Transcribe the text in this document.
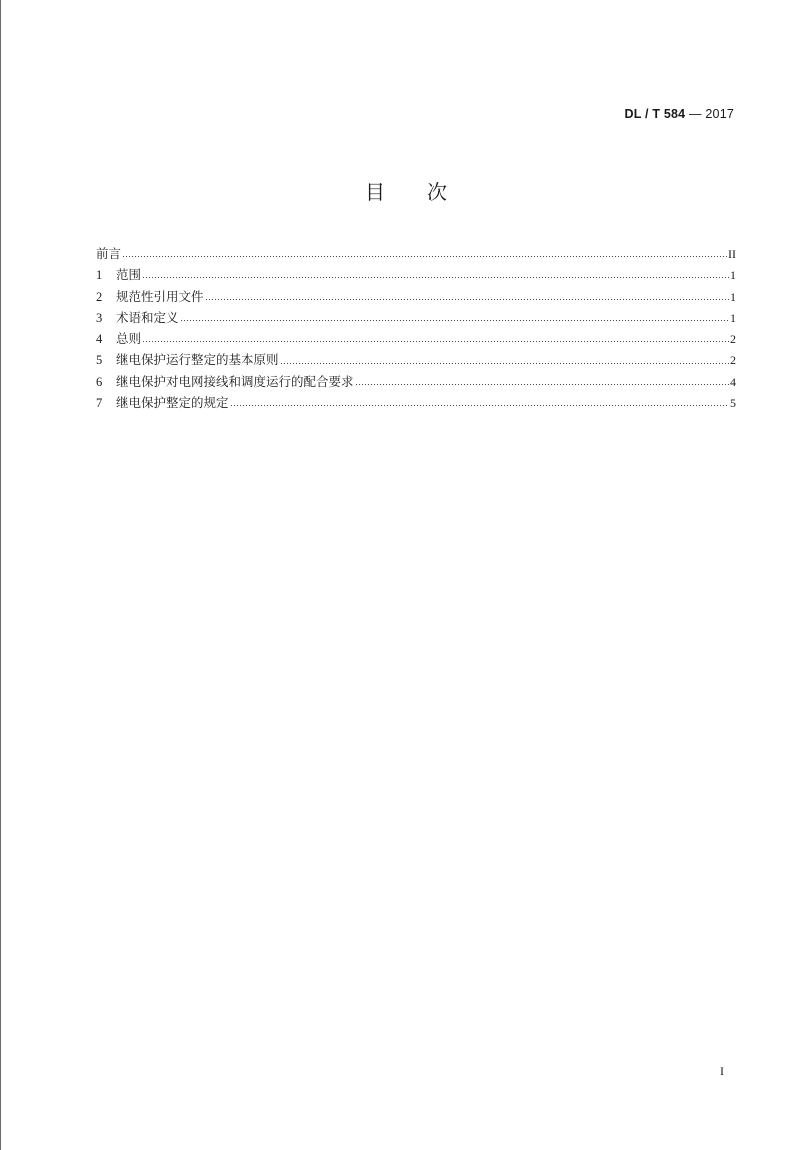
DL / T 584 — 2017
目 次
前言	II
1	范围	1
2	规范性引用文件	1
3	术语和定义	1
4	总则	2
5	继电保护运行整定的基本原则	2
6	继电保护对电网接线和调度运行的配合要求	4
7	继电保护整定的规定	5
I
